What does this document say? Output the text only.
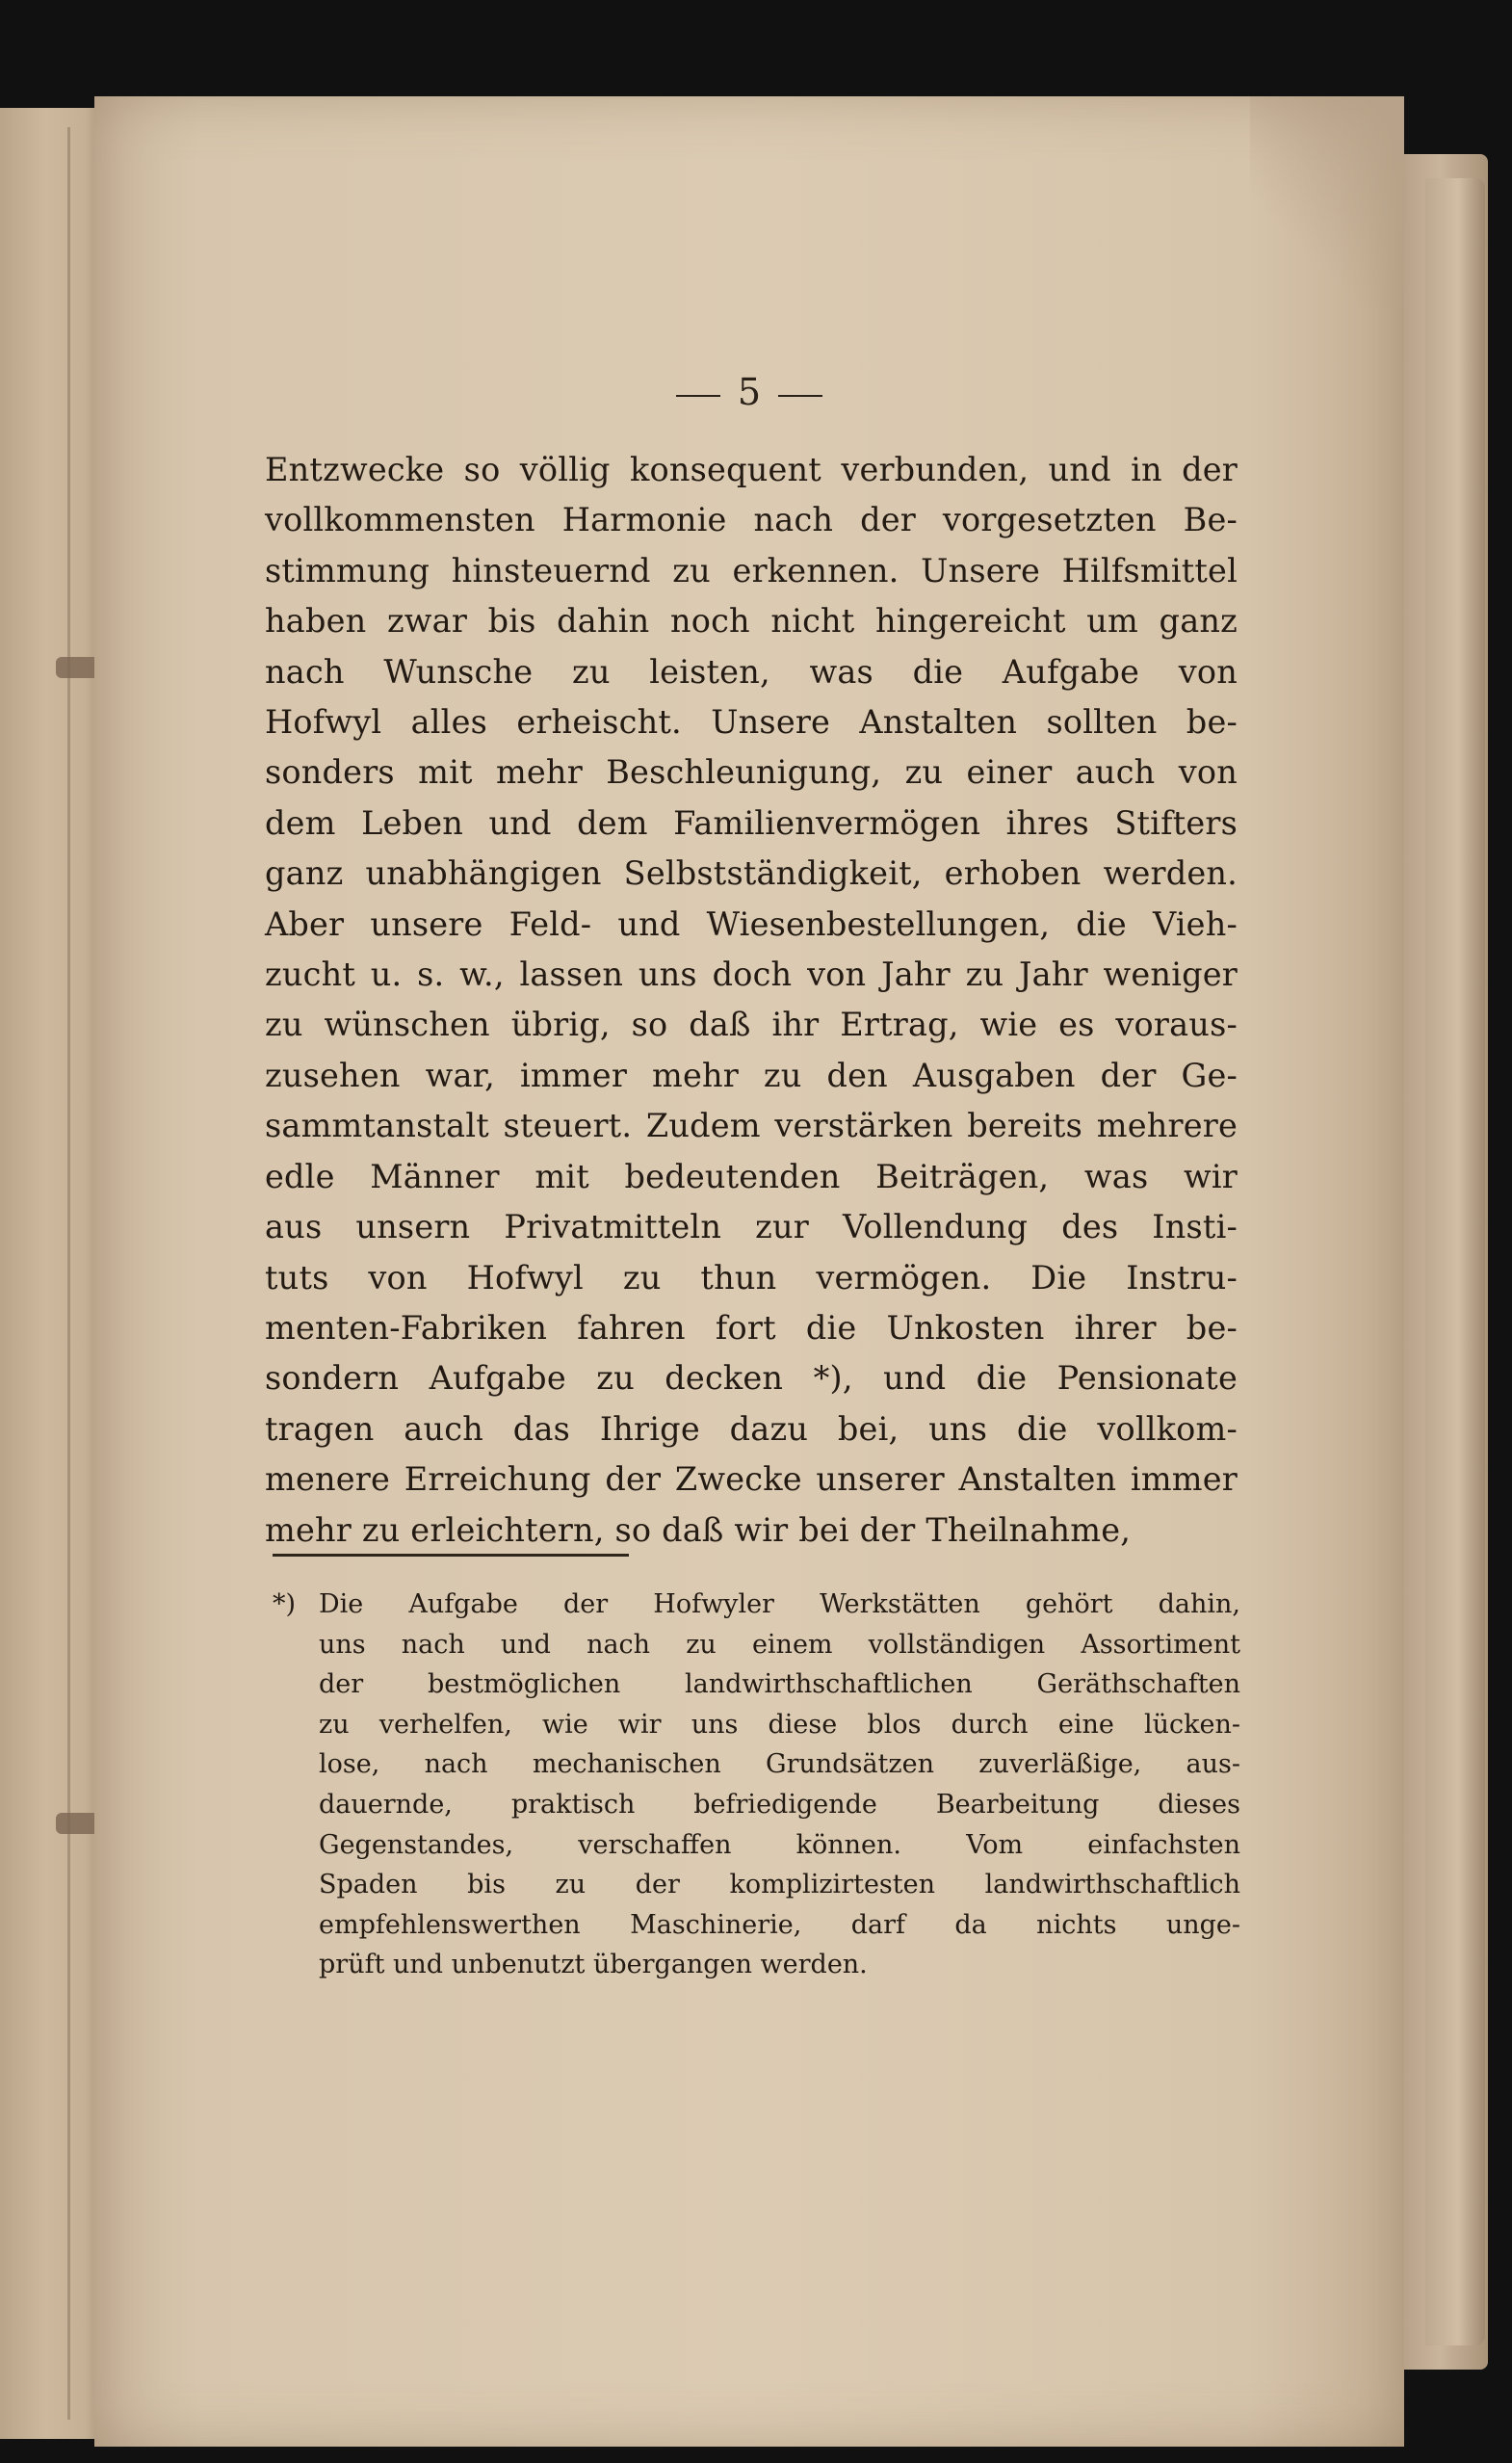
5
Entzwecke so völlig konsequent verbunden, und in der
vollkommensten Harmonie nach der vorgesetzten Be-
stimmung hinsteuernd zu erkennen. Unsere Hilfsmittel
haben zwar bis dahin noch nicht hingereicht um ganz
nach Wunsche zu leisten, was die Aufgabe von
Hofwyl alles erheischt. Unsere Anstalten sollten be-
sonders mit mehr Beschleunigung, zu einer auch von
dem Leben und dem Familienvermögen ihres Stifters
ganz unabhängigen Selbstständigkeit, erhoben werden.
Aber unsere Feld- und Wiesenbestellungen, die Vieh-
zucht u. s. w., lassen uns doch von Jahr zu Jahr weniger
zu wünschen übrig, so daß ihr Ertrag, wie es voraus-
zusehen war, immer mehr zu den Ausgaben der Ge-
sammtanstalt steuert. Zudem verstärken bereits mehrere
edle Männer mit bedeutenden Beiträgen, was wir
aus unsern Privatmitteln zur Vollendung des Insti-
tuts von Hofwyl zu thun vermögen. Die Instru-
menten-Fabriken fahren fort die Unkosten ihrer be-
sondern Aufgabe zu decken *), und die Pensionate
tragen auch das Ihrige dazu bei, uns die vollkom-
menere Erreichung der Zwecke unserer Anstalten immer
mehr zu erleichtern, so daß wir bei der Theilnahme,
*) Die Aufgabe der Hofwyler Werkstätten gehört dahin,
uns nach und nach zu einem vollständigen Assortiment
der bestmöglichen landwirthschaftlichen Geräthschaften
zu verhelfen, wie wir uns diese blos durch eine lücken-
lose, nach mechanischen Grundsätzen zuverläßige, aus-
dauernde, praktisch befriedigende Bearbeitung dieses
Gegenstandes, verschaffen können. Vom einfachsten
Spaden bis zu der komplizirtesten landwirthschaftlich
empfehlenswerthen Maschinerie, darf da nichts unge-
prüft und unbenutzt übergangen werden.
